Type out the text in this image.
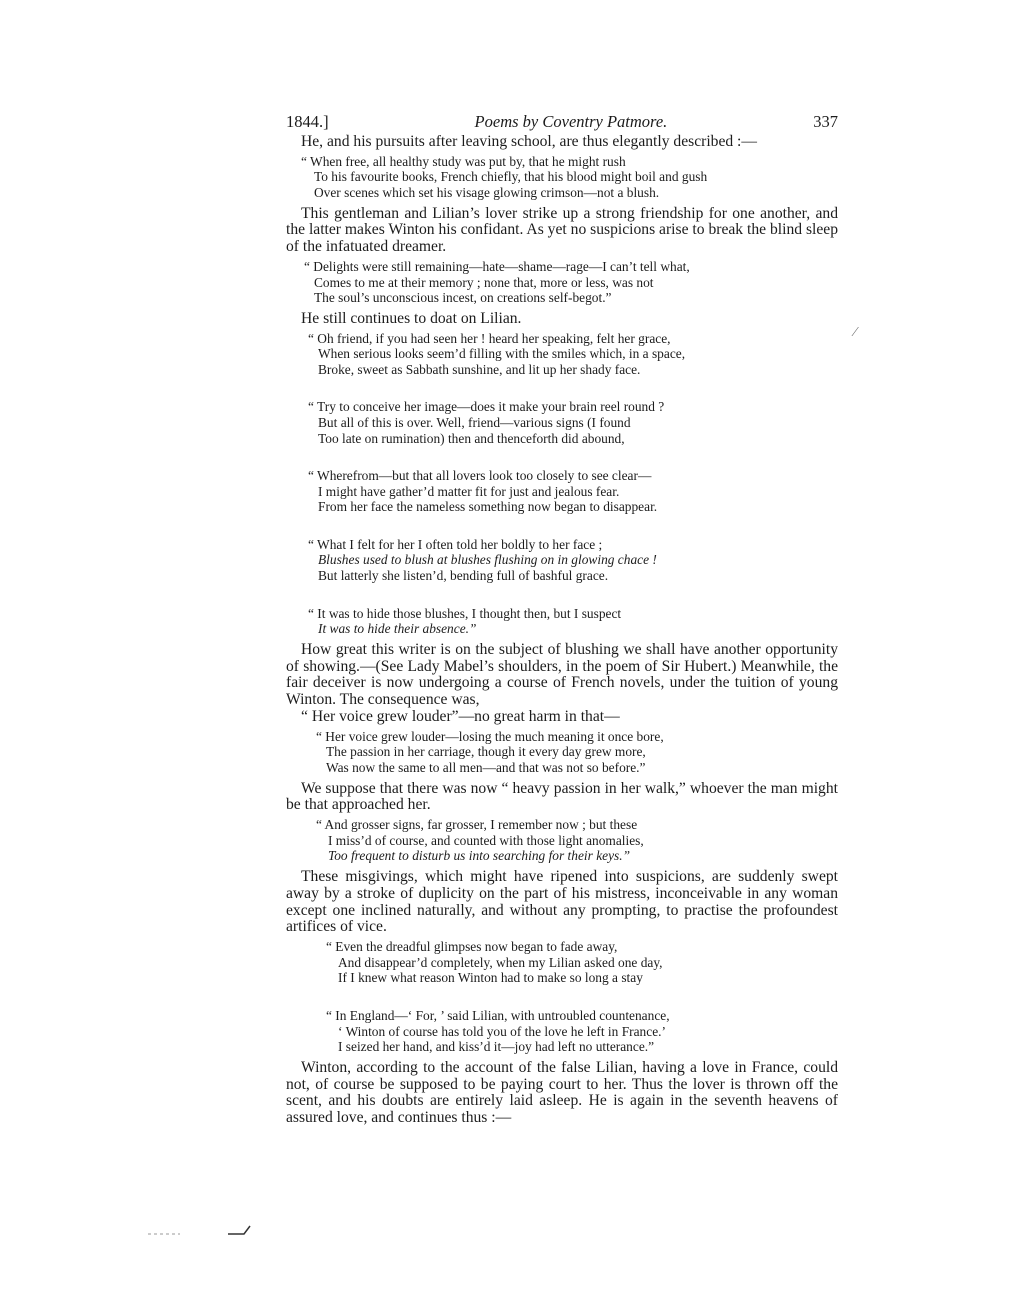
1844.]	Poems by Coventry Patmore.	337

He, and his pursuits after leaving school, are thus elegantly described :—

“ When free, all healthy study was put by, that he might rush
To his favourite books, French chiefly, that his blood might boil and gush
Over scenes which set his visage glowing crimson—not a blush.

This gentleman and Lilian’s lover strike up a strong friendship for one another, and the latter makes Winton his confidant. As yet no suspicions arise to break the blind sleep of the infatuated dreamer.

“ Delights were still remaining—hate—shame—rage—I can’t tell what,
Comes to me at their memory ; none that, more or less, was not
The soul’s unconscious incest, on creations self-begot.”

He still continues to doat on Lilian.

“ Oh friend, if you had seen her ! heard her speaking, felt her grace,
When serious looks seem’d filling with the smiles which, in a space,
Broke, sweet as Sabbath sunshine, and lit up her shady face.
“ Try to conceive her image—does it make your brain reel round ?
But all of this is over. Well, friend—various signs (I found
Too late on rumination) then and thenceforth did abound,
“ Wherefrom—but that all lovers look too closely to see clear—
I might have gather’d matter fit for just and jealous fear.
From her face the nameless something now began to disappear.
“ What I felt for her I often told her boldly to her face ;
Blushes used to blush at blushes flushing on in glowing chace !
But latterly she listen’d, bending full of bashful grace.
“ It was to hide those blushes, I thought then, but I suspect
It was to hide their absence.”

How great this writer is on the subject of blushing we shall have another opportunity of showing.—(See Lady Mabel’s shoulders, in the poem of Sir Hubert.) Meanwhile, the fair deceiver is now undergoing a course of French novels, under the tuition of young Winton. The consequence was,

“ Her voice grew louder”—no great harm in that—
“ Her voice grew louder—losing the much meaning it once bore,
The passion in her carriage, though it every day grew more,
Was now the same to all men—and that was not so before.”

We suppose that there was now “ heavy passion in her walk,” whoever the man might be that approached her.

“ And grosser signs, far grosser, I remember now ; but these
I miss’d of course, and counted with those light anomalies,
Too frequent to disturb us into searching for their keys.”

These misgivings, which might have ripened into suspicions, are suddenly swept away by a stroke of duplicity on the part of his mistress, inconceivable in any woman except one inclined naturally, and without any prompting, to practise the profoundest artifices of vice.

“ Even the dreadful glimpses now began to fade away,
And disappear’d completely, when my Lilian asked one day,
If I knew what reason Winton had to make so long a stay
“ In England—‘ For, ’ said Lilian, with untroubled countenance,
‘ Winton of course has told you of the love he left in France.’
I seized her hand, and kiss’d it—joy had left no utterance.”

Winton, according to the account of the false Lilian, having a love in France, could not, of course be supposed to be paying court to her. Thus the lover is thrown off the scent, and his doubts are entirely laid asleep. He is again in the seventh heavens of assured love, and continues thus :—

⁄
